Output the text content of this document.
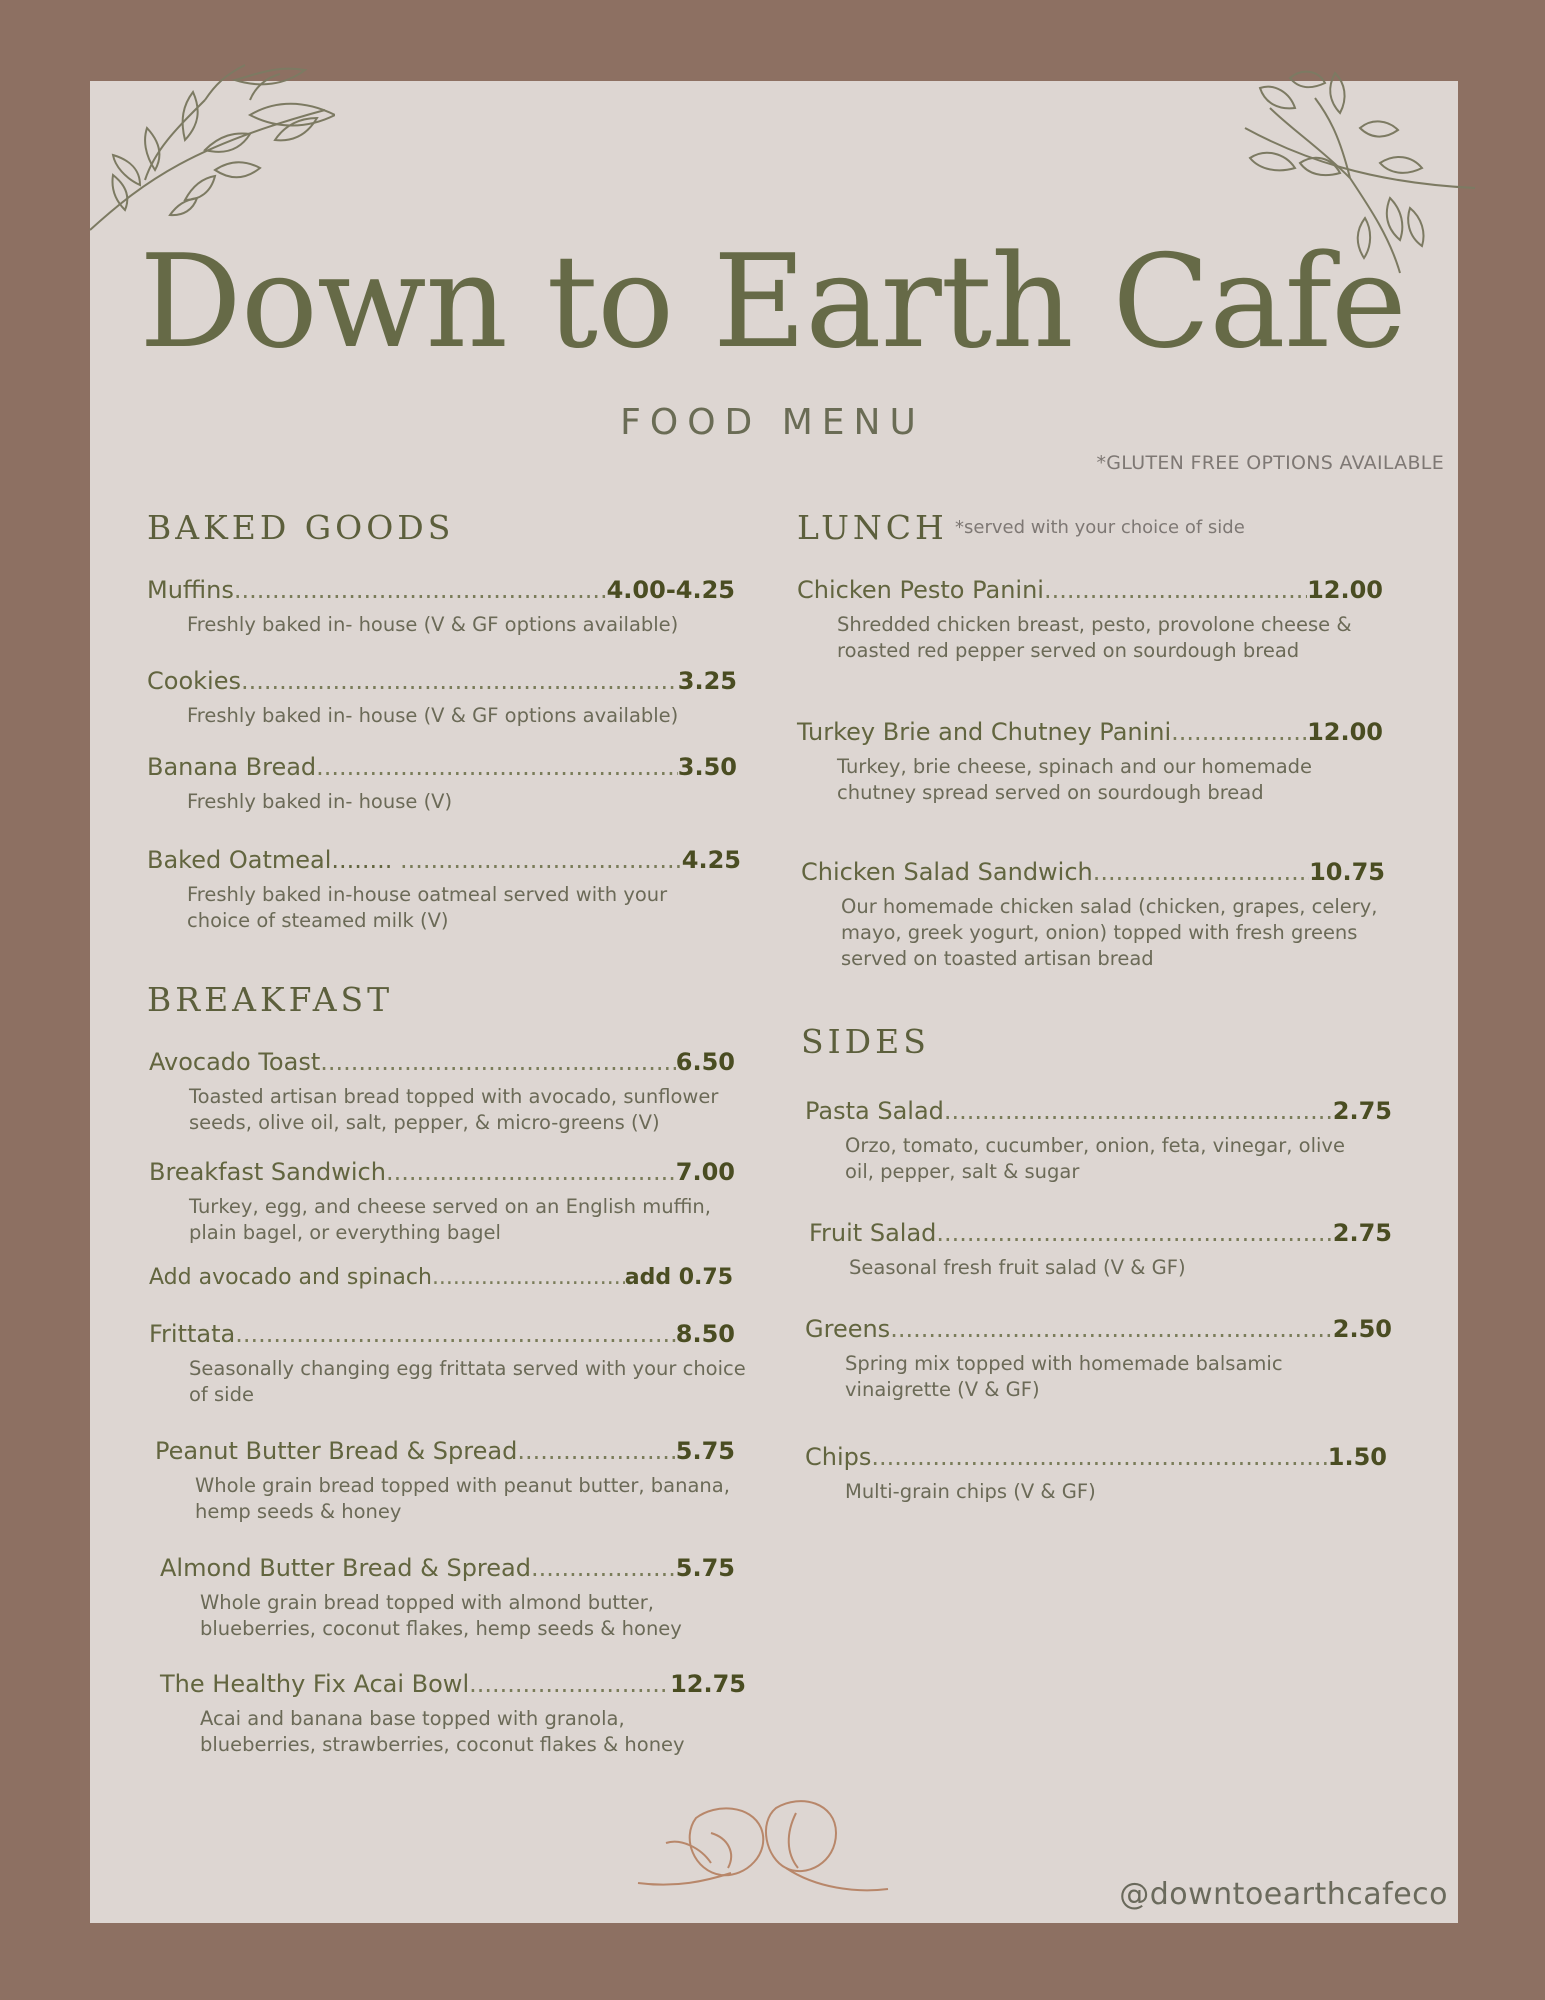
Down to Earth Cafe
FOOD MENU
*GLUTEN FREE OPTIONS AVAILABLE
BAKED GOODS
Muffins .....	4.00-4.25
Freshly baked in- house (V & GF options available)
Cookies .....	3.25
Freshly baked in- house (V & GF options available)
Banana Bread .....	3.50
Freshly baked in- house (V)
Baked Oatmeal........ .....	4.25
Freshly baked in-house oatmeal served with your choice of steamed milk (V)
BREAKFAST
Avocado Toast .....	6.50
Toasted artisan bread topped with avocado, sunflower seeds, olive oil, salt, pepper, & micro-greens (V)
Breakfast Sandwich .....	7.00
Turkey, egg, and cheese served on an English muffin, plain bagel, or everything bagel
Add avocado and spinach .....	add 0.75
Frittata .....	8.50
Seasonally changing egg frittata served with your choice of side
Peanut Butter Bread & Spread .....	5.75
Whole grain bread topped with peanut butter, banana, hemp seeds & honey
Almond Butter Bread & Spread .....	5.75
Whole grain bread topped with almond butter, blueberries, coconut flakes, hemp seeds & honey
The Healthy Fix Acai Bowl .....	12.75
Acai and banana base topped with granola, blueberries, strawberries, coconut flakes & honey
LUNCH *served with your choice of side
Chicken Pesto Panini .....	12.00
Shredded chicken breast, pesto, provolone cheese & roasted red pepper served on sourdough bread
Turkey Brie and Chutney Panini .....	12.00
Turkey, brie cheese, spinach and our homemade chutney spread served on sourdough bread
Chicken Salad Sandwich .....	10.75
Our homemade chicken salad (chicken, grapes, celery, mayo, greek yogurt, onion) topped with fresh greens served on toasted artisan bread
SIDES
Pasta Salad .....	2.75
Orzo, tomato, cucumber, onion, feta, vinegar, olive oil, pepper, salt & sugar
Fruit Salad .....	2.75
Seasonal fresh fruit salad (V & GF)
Greens .....	2.50
Spring mix topped with homemade balsamic vinaigrette (V & GF)
Chips .....	1.50
Multi-grain chips (V & GF)
@downtoearthcafeco
